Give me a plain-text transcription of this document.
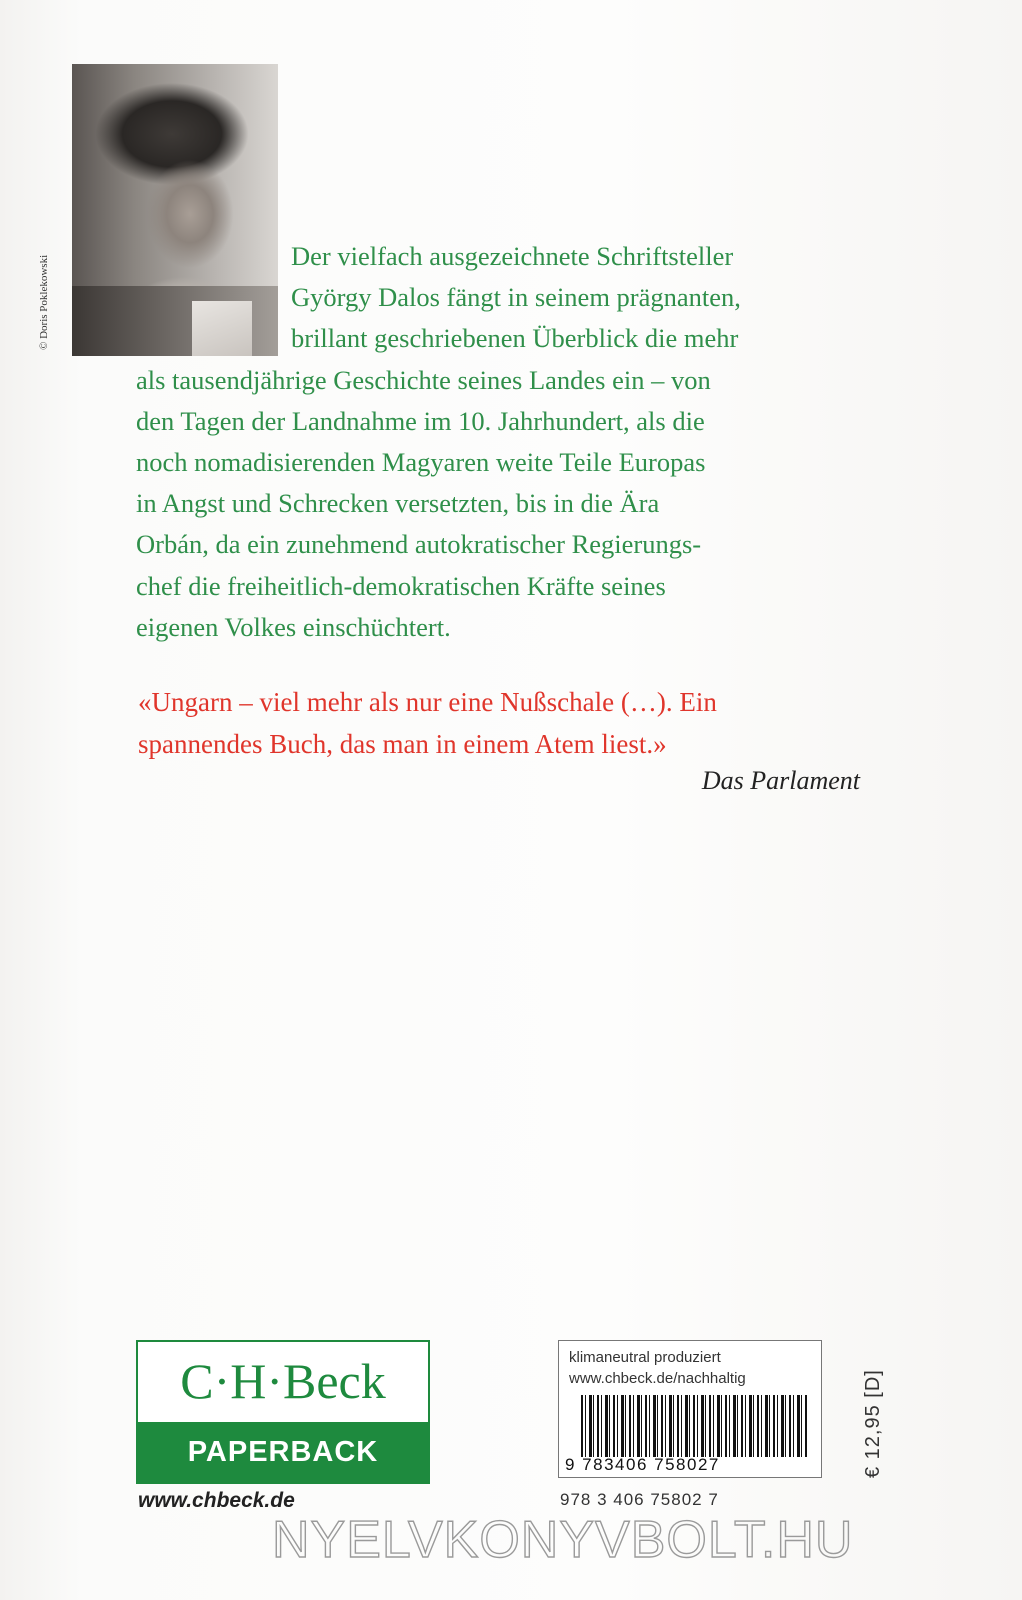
© Doris Poklekowski	Der vielfach ausgezeichnete Schriftsteller
György Dalos fängt in seinem prägnanten,
brillant geschriebenen Überblick die mehr
als tausendjährige Geschichte seines Landes ein – von
den Tagen der Landnahme im 10. Jahrhundert, als die
noch nomadisierenden Magyaren weite Teile Europas
in Angst und Schrecken versetzten, bis in die Ära
Orbán, da ein zunehmend autokratischer Regierungs-
chef die freiheitlich-demokratischen Kräfte seines
eigenen Volkes einschüchtert.
«Ungarn – viel mehr als nur eine Nußschale (…). Ein
spannendes Buch, das man in einem Atem liest.»
Das Parlament
C·H·Beck
PAPERBACK
www.chbeck.de
klimaneutral produziert
www.chbeck.de/nachhaltig
9 783406 758027
978 3 406 75802 7
€ 12,95 [D]
NYELVKONYVBOLT.HU
